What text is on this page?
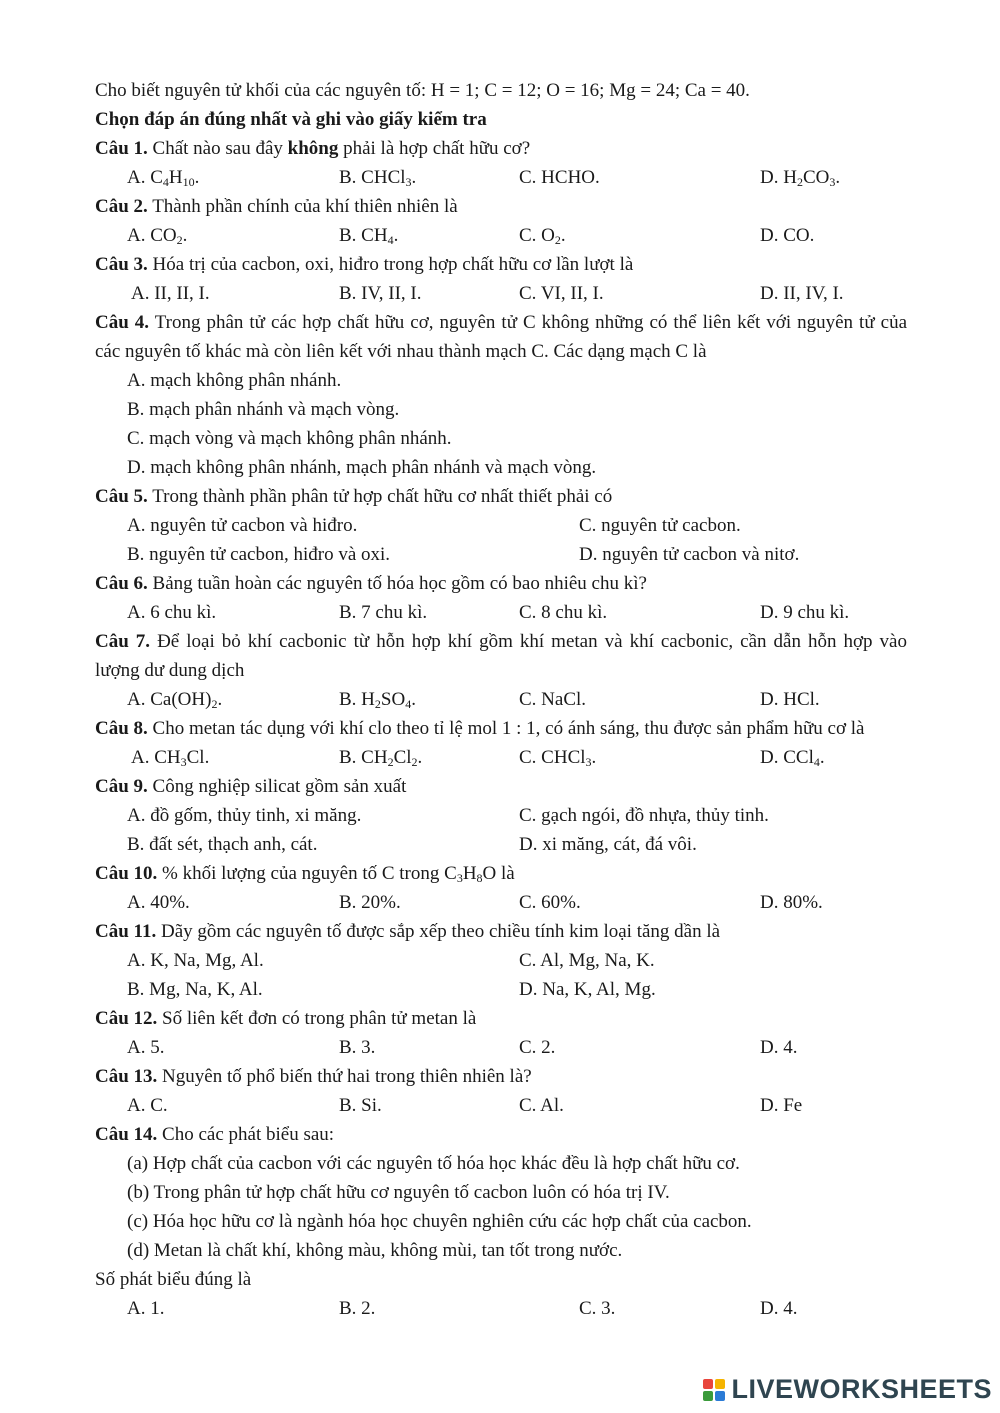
Cho biết nguyên tử khối của các nguyên tố: H = 1; C = 12; O = 16; Mg = 24; Ca = 40.
Chọn đáp án đúng nhất và ghi vào giấy kiểm tra
Câu 1. Chất nào sau đây không phải là hợp chất hữu cơ?
A. $C_4H_{10}$.	B. CHCl$_3$.	C. HCHO.	D. $H_2CO_3$.
Câu 2. Thành phần chính của khí thiên nhiên là
A. $CO_2$.	B. $CH_4$.	C. $O_2$.	D. CO.
Câu 3. Hóa trị của cacbon, oxi, hiđro trong hợp chất hữu cơ lần lượt là
A. II, II, I.	B. IV, II, I.	C. VI, II, I.	D. II, IV, I.
Câu 4. Trong phân tử các hợp chất hữu cơ, nguyên tử C không những có thể liên kết với nguyên tử của các nguyên tố khác mà còn liên kết với nhau thành mạch C. Các dạng mạch C là
A. mạch không phân nhánh.
B. mạch phân nhánh và mạch vòng.
C. mạch vòng và mạch không phân nhánh.
D. mạch không phân nhánh, mạch phân nhánh và mạch vòng.
Câu 5. Trong thành phần phân tử hợp chất hữu cơ nhất thiết phải có
A. nguyên tử cacbon và hiđro.	C. nguyên tử cacbon.
B. nguyên tử cacbon, hiđro và oxi.	D. nguyên tử cacbon và nitơ.
Câu 6. Bảng tuần hoàn các nguyên tố hóa học gồm có bao nhiêu chu kì?
A. 6 chu kì.	B. 7 chu kì.	C. 8 chu kì.	D. 9 chu kì.
Câu 7. Để loại bỏ khí cacbonic từ hỗn hợp khí gồm khí metan và khí cacbonic, cần dẫn hỗn hợp vào lượng dư dung dịch
A. $Ca(OH)_2$.	B. $H_2SO_4$.	C. NaCl.	D. HCl.
Câu 8. Cho metan tác dụng với khí clo theo tỉ lệ mol 1 : 1, có ánh sáng, thu được sản phẩm hữu cơ là
A. $CH_3Cl$.	B. $CH_2Cl_2$.	C. CHCl$_3$.	D. CCl$_4$.
Câu 9. Công nghiệp silicat gồm sản xuất
A. đồ gốm, thủy tinh, xi măng.	C. gạch ngói, đồ nhựa, thủy tinh.
B. đất sét, thạch anh, cát.	D. xi măng, cát, đá vôi.
Câu 10. % khối lượng của nguyên tố C trong $C_3H_8O$ là
A. 40%.	B. 20%.	C. 60%.	D. 80%.
Câu 11. Dãy gồm các nguyên tố được sắp xếp theo chiều tính kim loại tăng dần là
A. K, Na, Mg, Al.	C. Al, Mg, Na, K.
B. Mg, Na, K, Al.	D. Na, K, Al, Mg.
Câu 12. Số liên kết đơn có trong phân tử metan là
A. 5.	B. 3.	C. 2.	D. 4.
Câu 13. Nguyên tố phổ biến thứ hai trong thiên nhiên là?
A. C.	B. Si.	C. Al.	D. Fe
Câu 14. Cho các phát biểu sau:
(a) Hợp chất của cacbon với các nguyên tố hóa học khác đều là hợp chất hữu cơ.
(b) Trong phân tử hợp chất hữu cơ nguyên tố cacbon luôn có hóa trị IV.
(c) Hóa học hữu cơ là ngành hóa học chuyên nghiên cứu các hợp chất của cacbon.
(d) Metan là chất khí, không màu, không mùi, tan tốt trong nước.
Số phát biểu đúng là
A. 1.	B. 2.	C. 3.	D. 4.
LIVEWORKSHEETS
